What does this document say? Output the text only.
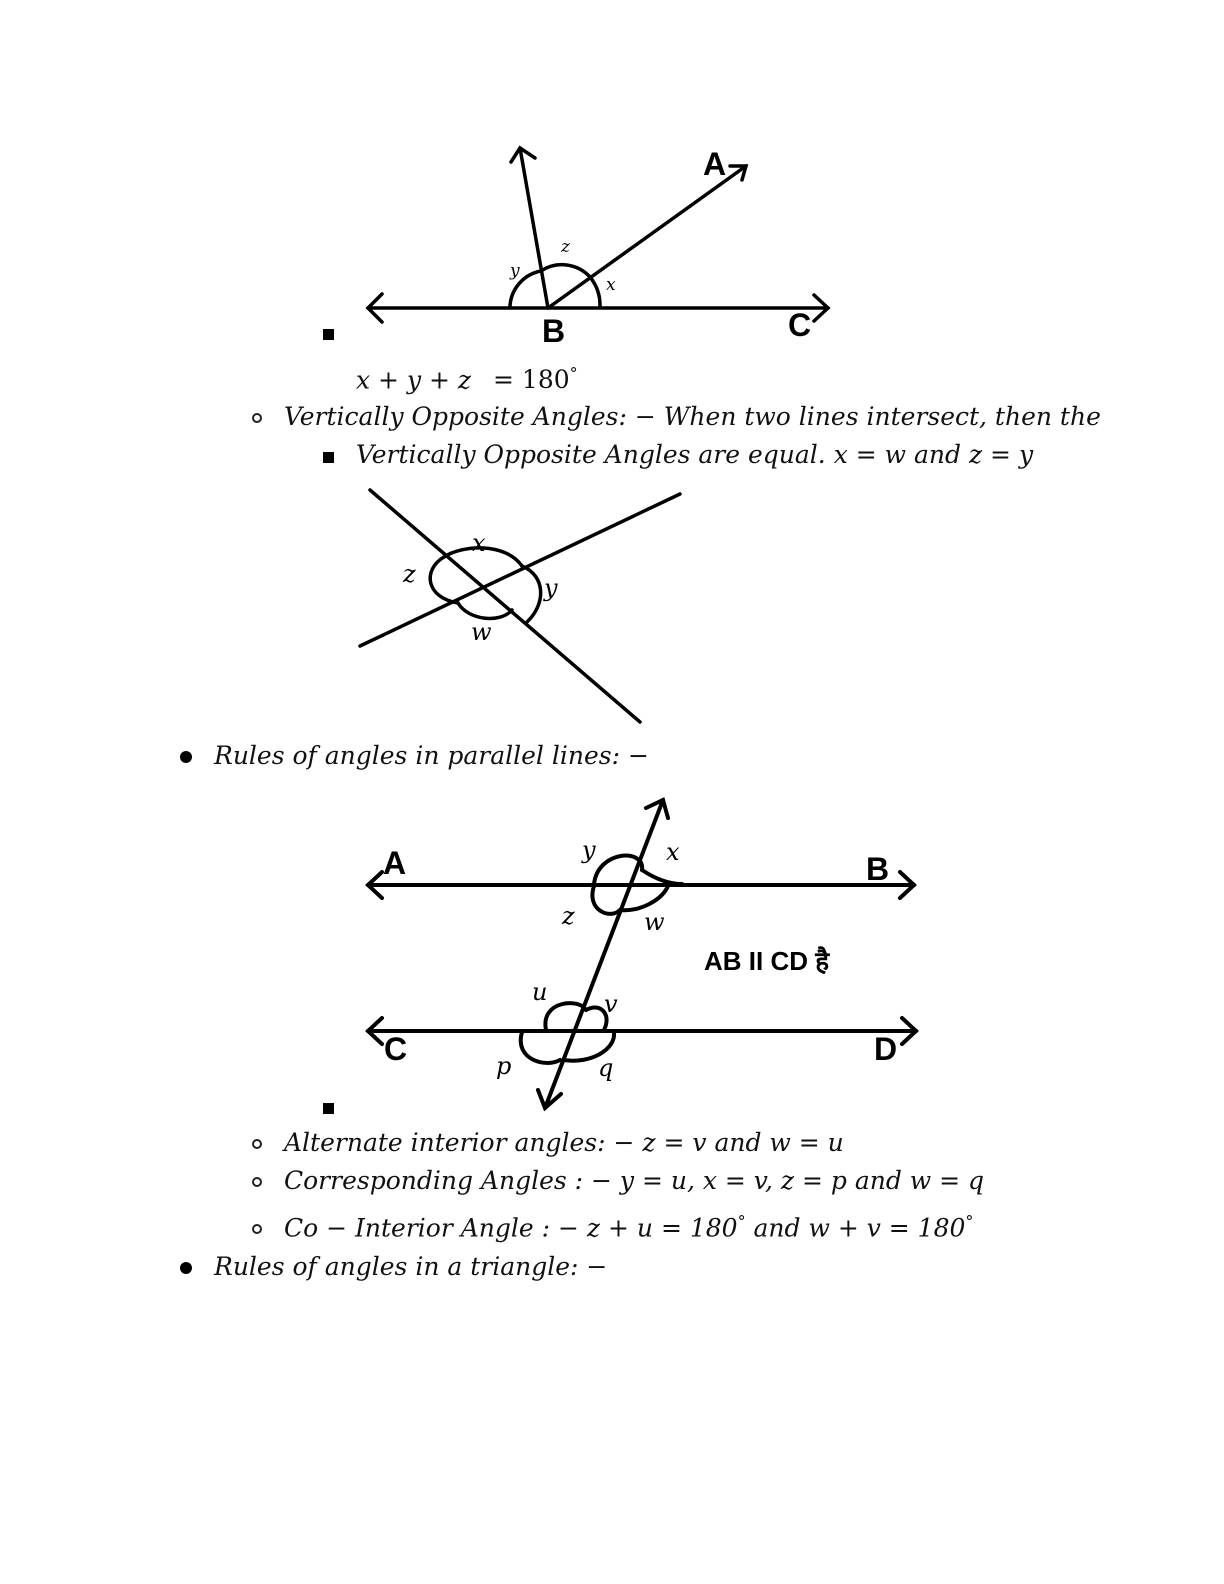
A
B	C
z
y
x
x + y + z = 180°
Vertically Opposite Angles: − When two lines intersect, then the
Vertically Opposite Angles are equal. x = w and z = y
x
y
z
w
Rules of angles in parallel lines: −
A	B
C	D
AB II CD है
y	x
z	w
u v
p	q
Alternate interior angles: − z = v and w = u
Corresponding Angles : − y = u, x = v, z = p and w = q
Co − Interior Angle : − z + u = 180° and w + v = 180°
Rules of angles in a triangle: −
